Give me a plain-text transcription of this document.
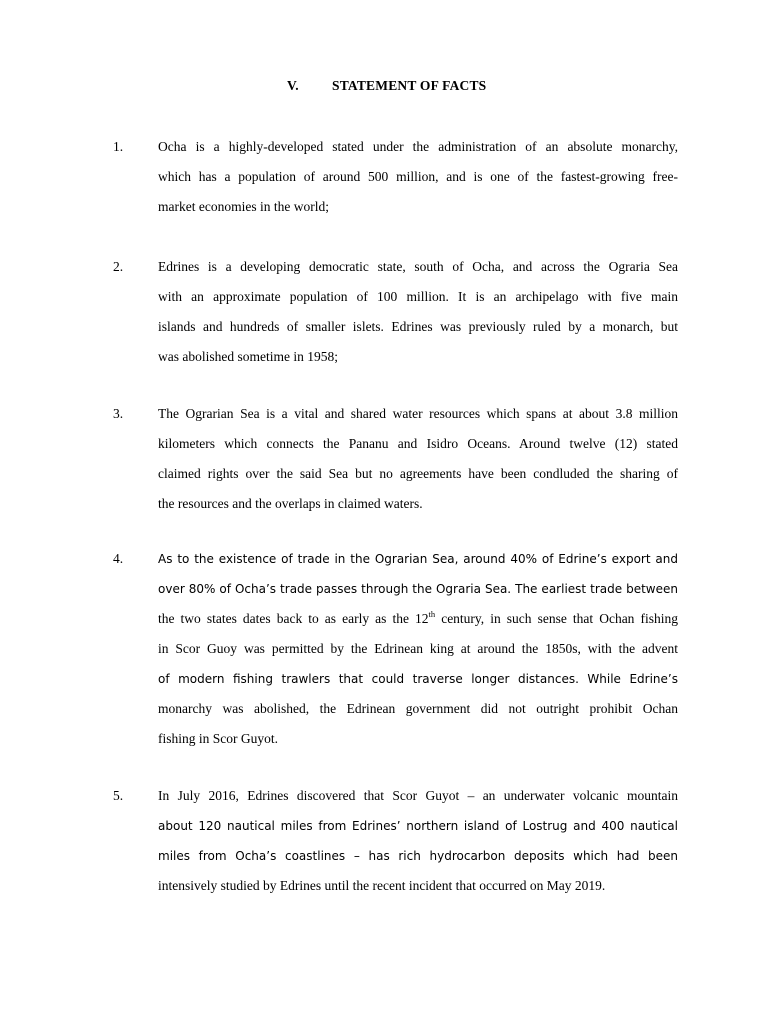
V. STATEMENT OF FACTS
1.	Ocha is a highly-developed stated under the administration of an absolute monarchy,
which has a population of around 500 million, and is one of the fastest-growing free-
market economies in the world;
2.	Edrines is a developing democratic state, south of Ocha, and across the Ograria Sea
with an approximate population of 100 million. It is an archipelago with five main
islands and hundreds of smaller islets. Edrines was previously ruled by a monarch, but
was abolished sometime in 1958;
3.	The Ograrian Sea is a vital and shared water resources which spans at about 3.8 million
kilometers which connects the Pananu and Isidro Oceans. Around twelve (12) stated
claimed rights over the said Sea but no agreements have been condluded the sharing of
the resources and the overlaps in claimed waters.
4.	As to the existence of trade in the Ograrian Sea, around 40% of Edrine’s export and
over 80% of Ocha’s trade passes through the Ograria Sea. The earliest trade between
the two states dates back to as early as the 12th century, in such sense that Ochan fishing
in Scor Guoy was permitted by the Edrinean king at around the 1850s, with the advent
of modern fishing trawlers that could traverse longer distances. While Edrine’s
monarchy was abolished, the Edrinean government did not outright prohibit Ochan
fishing in Scor Guyot.
5.	In July 2016, Edrines discovered that Scor Guyot – an underwater volcanic mountain
about 120 nautical miles from Edrines’ northern island of Lostrug and 400 nautical
miles from Ocha’s coastlines – has rich hydrocarbon deposits which had been
intensively studied by Edrines until the recent incident that occurred on May 2019.
